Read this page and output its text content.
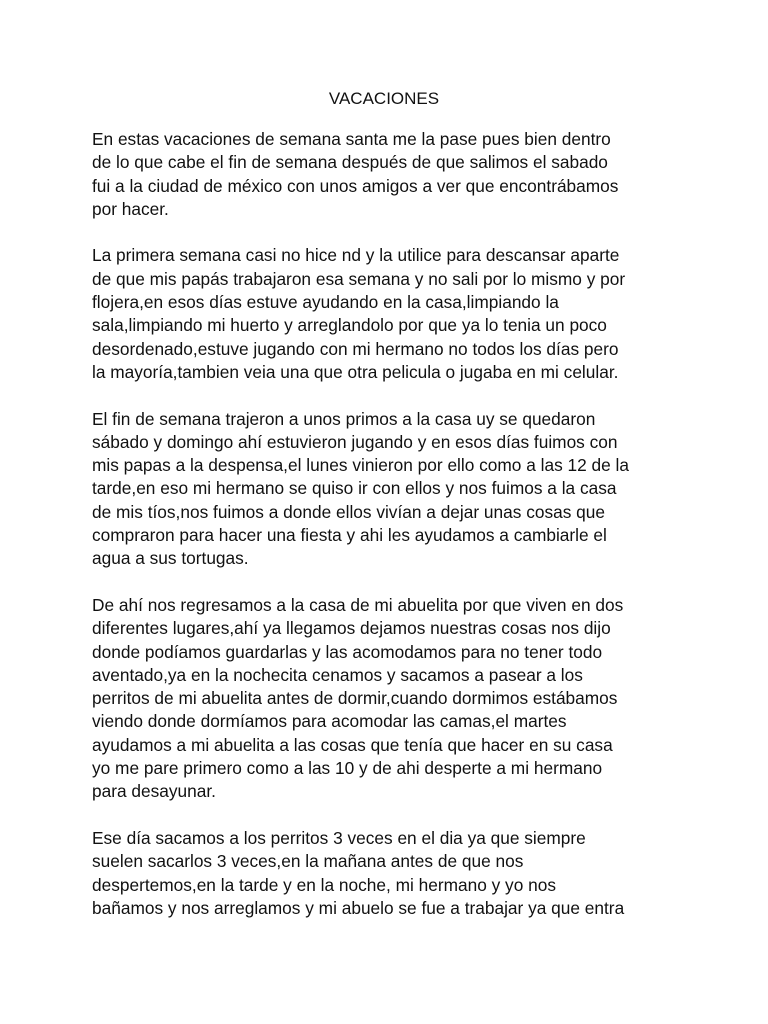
VACACIONES
En estas vacaciones de semana santa me la pase pues bien dentro
de lo que cabe el fin de semana después de que salimos el sabado
fui a la ciudad de méxico con unos amigos a ver que encontrábamos
por hacer.
La primera semana casi no hice nd y la utilice para descansar aparte
de que mis papás trabajaron esa semana y no sali por lo mismo y por
flojera,en esos días estuve ayudando en la casa,limpiando la
sala,limpiando mi huerto y arreglandolo por que ya lo tenia un poco
desordenado,estuve jugando con mi hermano no todos los días pero
la mayoría,tambien veia una que otra pelicula o jugaba en mi celular.
El fin de semana trajeron a unos primos a la casa uy se quedaron
sábado y domingo ahí estuvieron jugando y en esos días fuimos con
mis papas a la despensa,el lunes vinieron por ello como a las 12 de la
tarde,en eso mi hermano se quiso ir con ellos y nos fuimos a la casa
de mis tíos,nos fuimos a donde ellos vivían a dejar unas cosas que
compraron para hacer una fiesta y ahi les ayudamos a cambiarle el
agua a sus tortugas.
De ahí nos regresamos a la casa de mi abuelita por que viven en dos
diferentes lugares,ahí ya llegamos dejamos nuestras cosas nos dijo
donde podíamos guardarlas y las acomodamos para no tener todo
aventado,ya en la nochecita cenamos y sacamos a pasear a los
perritos de mi abuelita antes de dormir,cuando dormimos estábamos
viendo donde dormíamos para acomodar las camas,el martes
ayudamos a mi abuelita a las cosas que tenía que hacer en su casa
yo me pare primero como a las 10 y de ahi desperte a mi hermano
para desayunar.
Ese día sacamos a los perritos 3 veces en el dia ya que siempre
suelen sacarlos 3 veces,en la mañana antes de que nos
despertemos,en la tarde y en la noche, mi hermano y yo nos
bañamos y nos arreglamos y mi abuelo se fue a trabajar ya que entra
